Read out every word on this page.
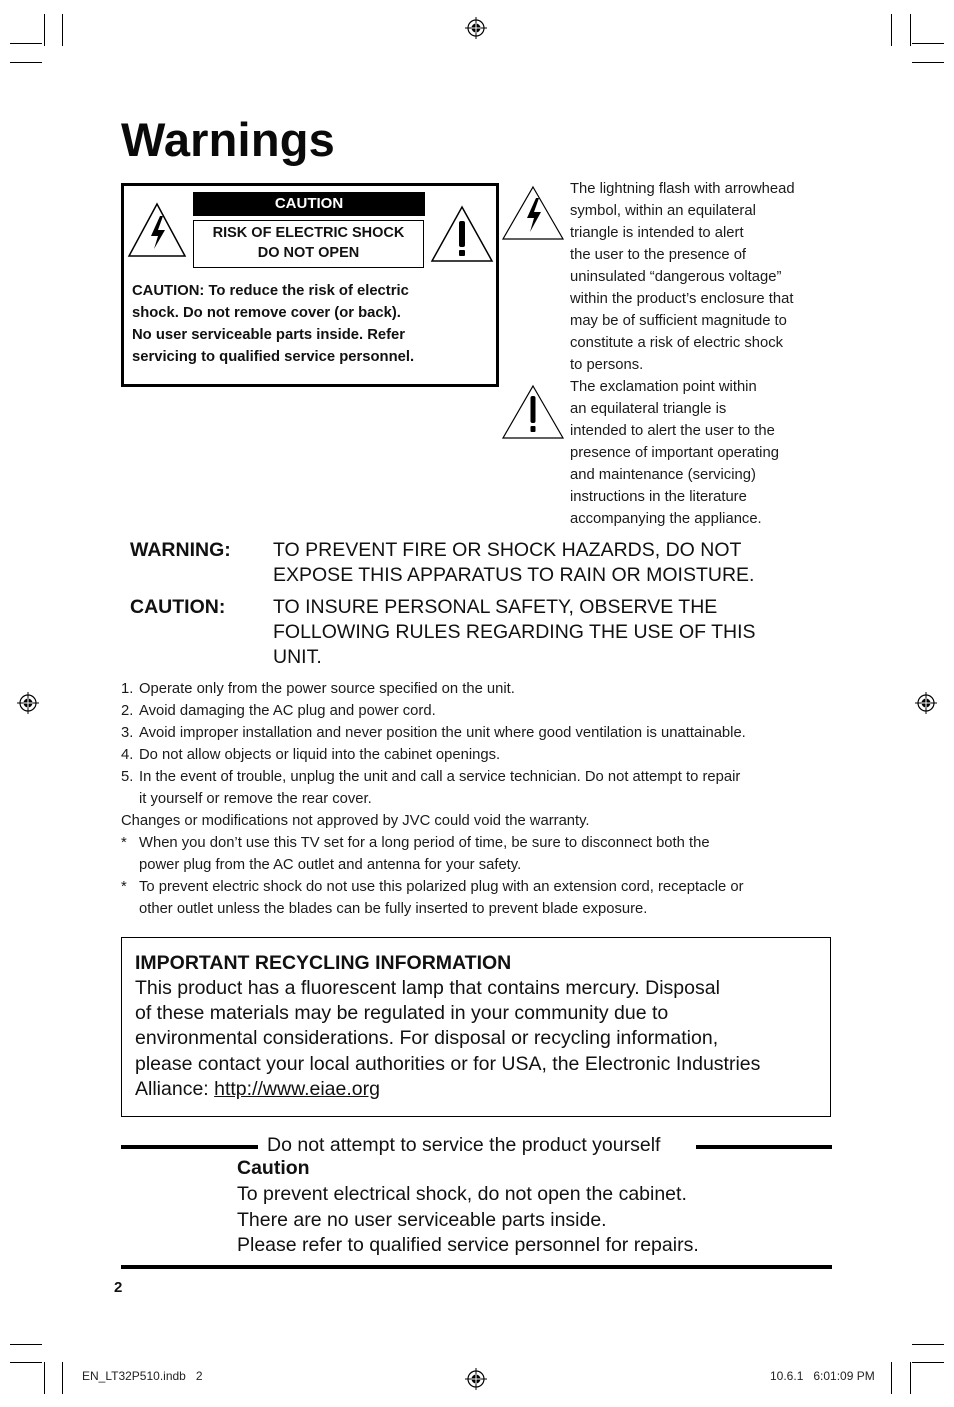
Warnings
CAUTION
RISK OF ELECTRIC SHOCK
DO NOT OPEN
CAUTION: To reduce the risk of electric
shock. Do not remove cover (or back).
No user serviceable parts inside. Refer
servicing to qualified service personnel.
The lightning flash with arrowhead
symbol, within an equilateral
triangle is intended to alert
the user to the presence of
uninsulated “dangerous voltage”
within the product’s enclosure that
may be of sufficient magnitude to
constitute a risk of electric shock
to persons.
The exclamation point within
an equilateral triangle is
intended to alert the user to the
presence of important operating
and maintenance (servicing)
instructions in the literature
accompanying the appliance.
WARNING: TO PREVENT FIRE OR SHOCK HAZARDS, DO NOT
EXPOSE THIS APPARATUS TO RAIN OR MOISTURE.
CAUTION: TO INSURE PERSONAL SAFETY, OBSERVE THE
FOLLOWING RULES REGARDING THE USE OF THIS
UNIT.
1. Operate only from the power source specified on the unit.
2. Avoid damaging the AC plug and power cord.
3. Avoid improper installation and never position the unit where good ventilation is unattainable.
4. Do not allow objects or liquid into the cabinet openings.
5. In the event of trouble, unplug the unit and call a service technician. Do not attempt to repair
it yourself or remove the rear cover.
Changes or modifications not approved by JVC could void the warranty.
* When you don’t use this TV set for a long period of time, be sure to disconnect both the
power plug from the AC outlet and antenna for your safety.
* To prevent electric shock do not use this polarized plug with an extension cord, receptacle or
other outlet unless the blades can be fully inserted to prevent blade exposure.
IMPORTANT RECYCLING INFORMATION
This product has a fluorescent lamp that contains mercury. Disposal
of these materials may be regulated in your community due to
environmental considerations. For disposal or recycling information,
please contact your local authorities or for USA, the Electronic Industries
Alliance: http://www.eiae.org
Do not attempt to service the product yourself
Caution
To prevent electrical shock, do not open the cabinet.
There are no user serviceable parts inside.
Please refer to qualified service personnel for repairs.
2
EN_LT32P510.indb   2	10.6.1   6:01:09 PM
